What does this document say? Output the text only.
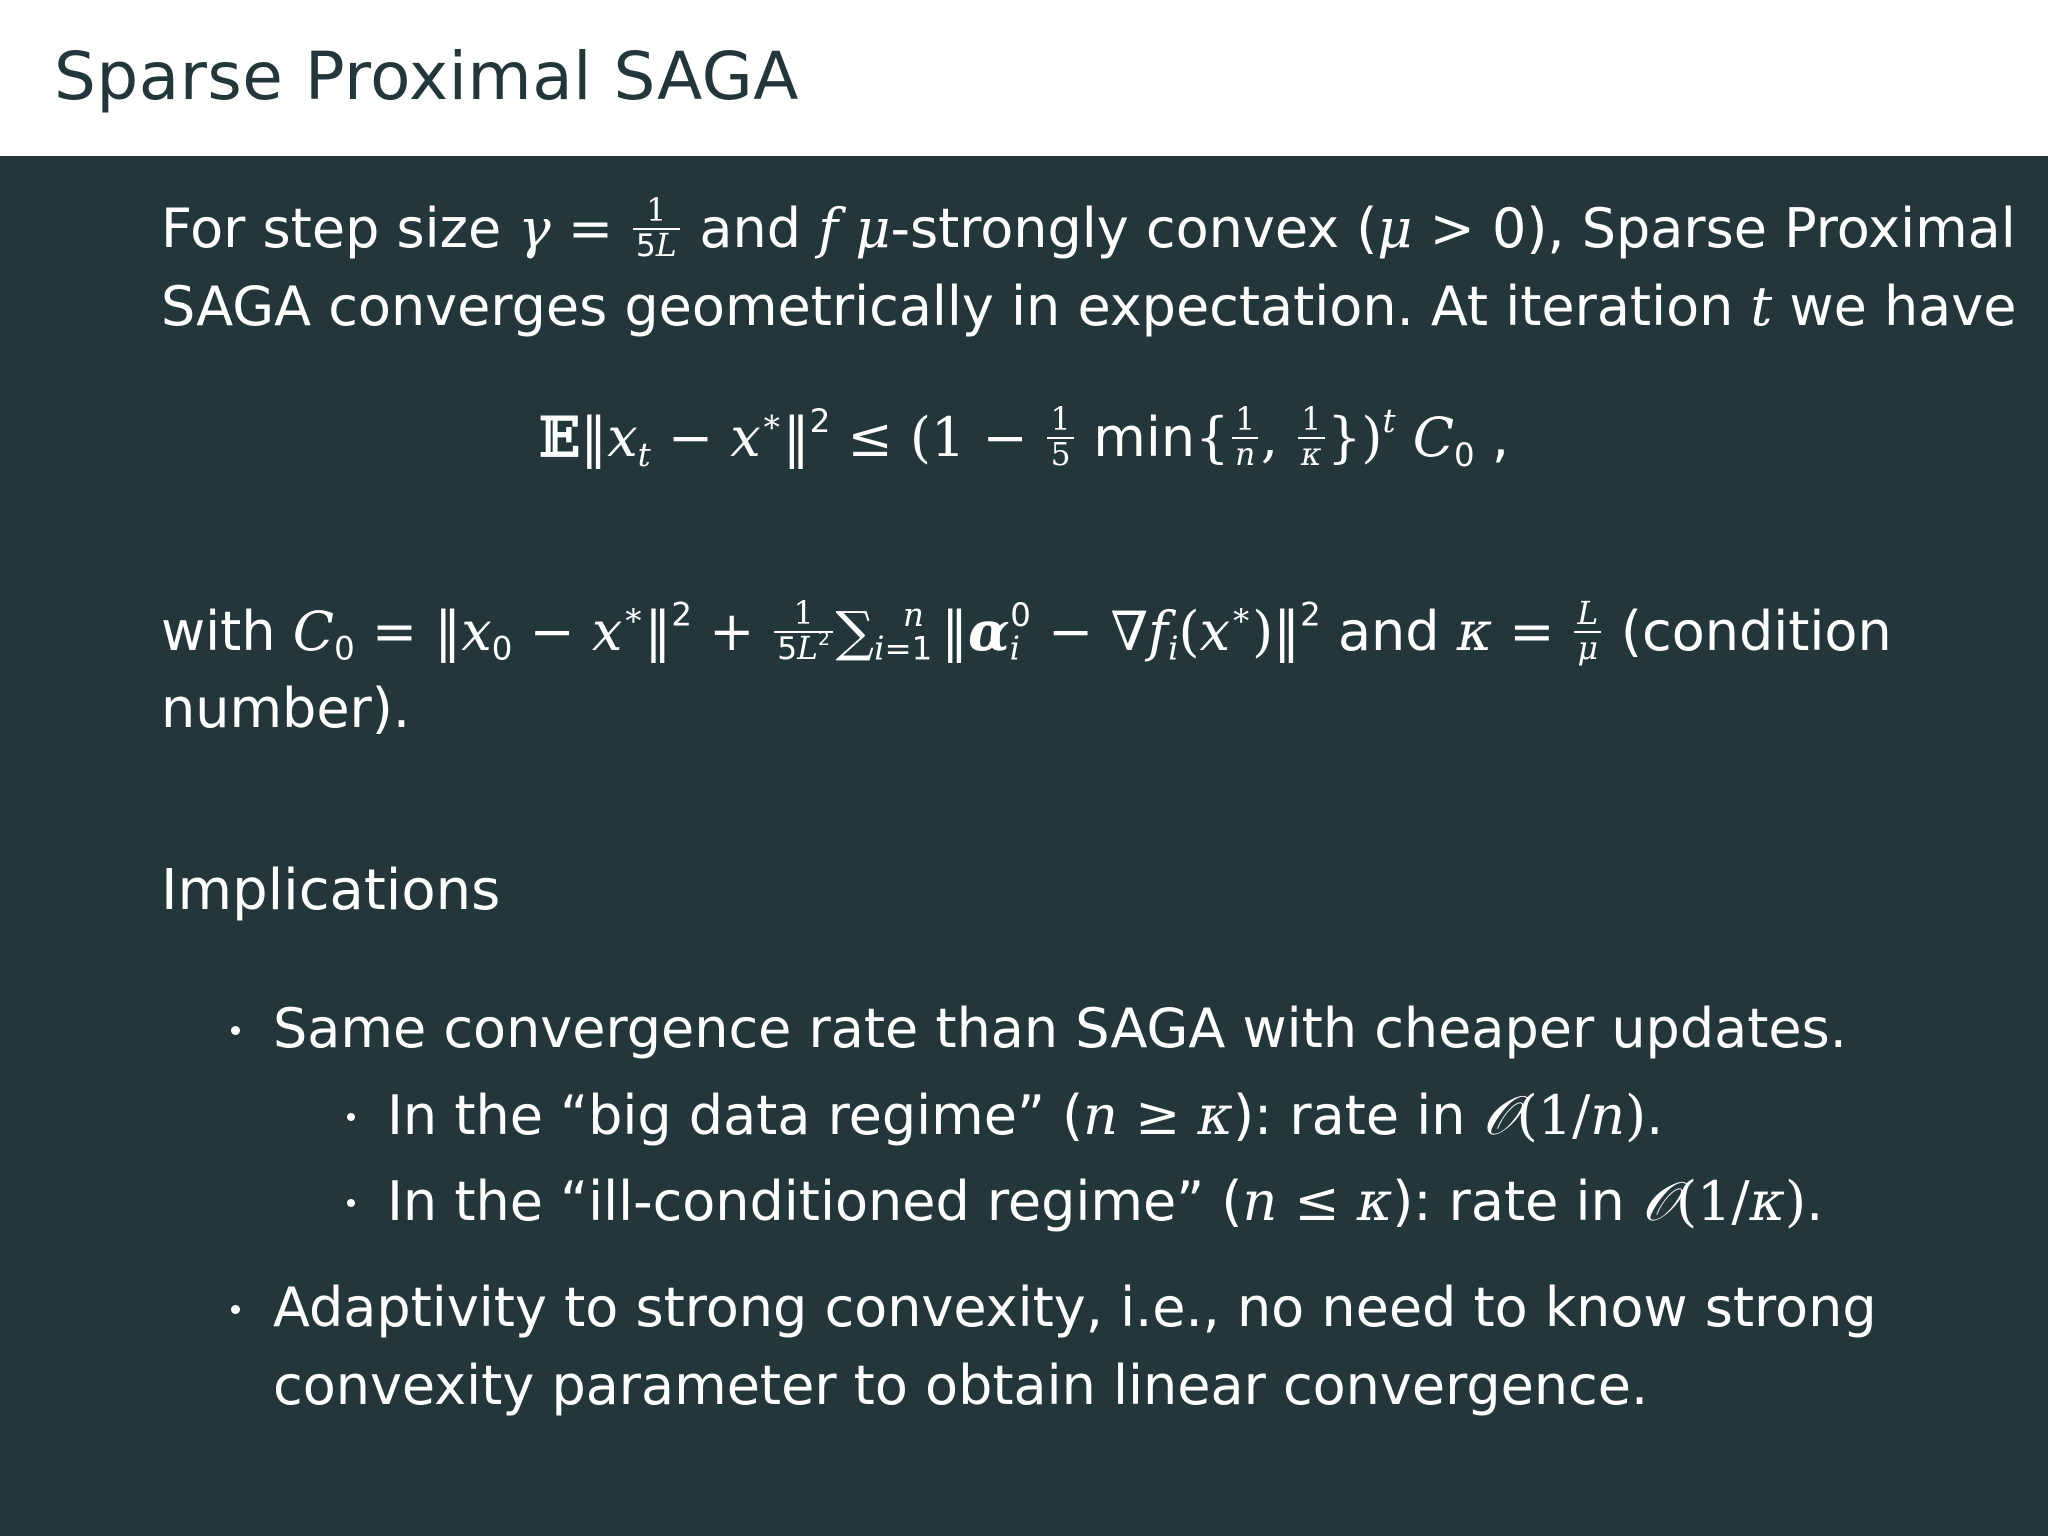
Sparse Proximal SAGA
For step size $\gamma = \frac{1}{5L}$ and f μ-strongly convex (μ > 0), Sparse Proximal
SAGA converges geometrically in expectation. At iteration t we have
$𝔼‖x_t$ − x∗‖$^2$ ≤ ($1 - \frac{1}{5} \min\{ \frac{1}{n}$ , $\frac{1}{\kappa} \})^t$ $C_0$ ,
with $C_0$ = $‖x_0$ − x∗‖$^2$ + $\frac{1}{5L^2} \sum_{i=1}^n$ $‖\alpha_i^0$ − $\nabla f_i(x^∗)‖^2$ and $\kappa = \frac{L}{\mu}$ (condition
number).
Implications
Same convergence rate than SAGA with cheaper updates.
In the “big data regime” (n ≥ κ): rate in 𝒪(1/n).
In the “ill-conditioned regime” (n ≤ κ): rate in 𝒪(1/κ).
Adaptivity to strong convexity, i.e., no need to know strong
convexity parameter to obtain linear convergence.
